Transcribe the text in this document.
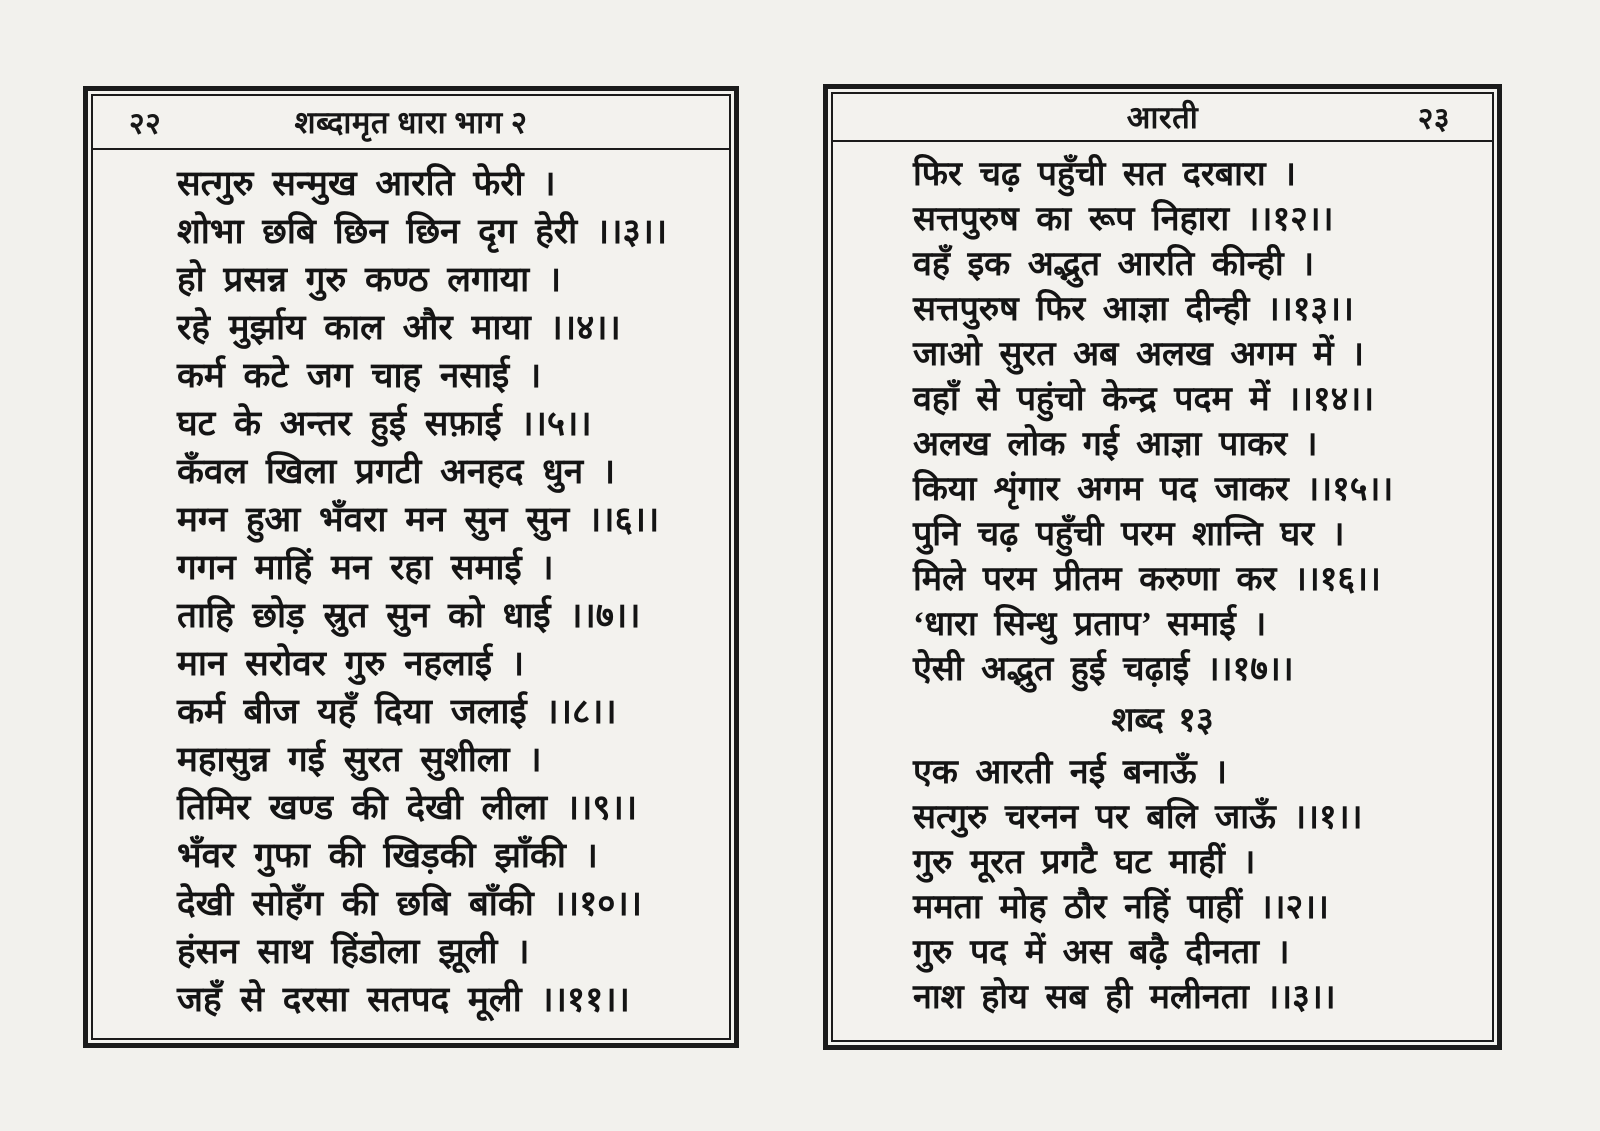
२२	शब्दामृत धारा भाग २
सत्गुरु सन्मुख आरति फेरी ।
शोभा छबि छिन छिन दृग हेरी ।।३।।
हो प्रसन्न गुरु कण्ठ लगाया ।
रहे मुर्झाय काल और माया ।।४।।
कर्म कटे जग चाह नसाई ।
घट के अन्तर हुई सफ़ाई ।।५।।
कँवल खिला प्रगटी अनहद धुन ।
मग्न हुआ भँवरा मन सुन सुन ।।६।।
गगन माहिं मन रहा समाई ।
ताहि छोड़ स्रुत सुन को धाई ।।७।।
मान सरोवर गुरु नहलाई ।
कर्म बीज यहँ दिया जलाई ।।८।।
महासुन्न गई सुरत सुशीला ।
तिमिर खण्ड की देखी लीला ।।९।।
भँवर गुफा की खिड़की झाँकी ।
देखी सोहँग की छबि बाँकी ।।१०।।
हंसन साथ हिंडोला झूली ।
जहँ से दरसा सतपद मूली ।।११।।
आरती	२३
फिर चढ़ पहुँची सत दरबारा ।
सत्तपुरुष का रूप निहारा ।।१२।।
वहँ इक अद्भुत आरति कीन्ही ।
सत्तपुरुष फिर आज्ञा दीन्ही ।।१३।।
जाओ सुरत अब अलख अगम में ।
वहाँ से पहुंचो केन्द्र पदम में ।।१४।।
अलख लोक गई आज्ञा पाकर ।
किया शृंगार अगम पद जाकर ।।१५।।
पुनि चढ़ पहुँची परम शान्ति घर ।
मिले परम प्रीतम करुणा कर ।।१६।।
‘धारा सिन्धु प्रताप’ समाई ।
ऐसी अद्भुत हुई चढ़ाई ।।१७।।
शब्द १३
एक आरती नई बनाऊँ ।
सत्गुरु चरनन पर बलि जाऊँ ।।१।।
गुरु मूरत प्रगटै घट माहीं ।
ममता मोह ठौर नहिं पाहीं ।।२।।
गुरु पद में अस बढ़ै दीनता ।
नाश होय सब ही मलीनता ।।३।।
